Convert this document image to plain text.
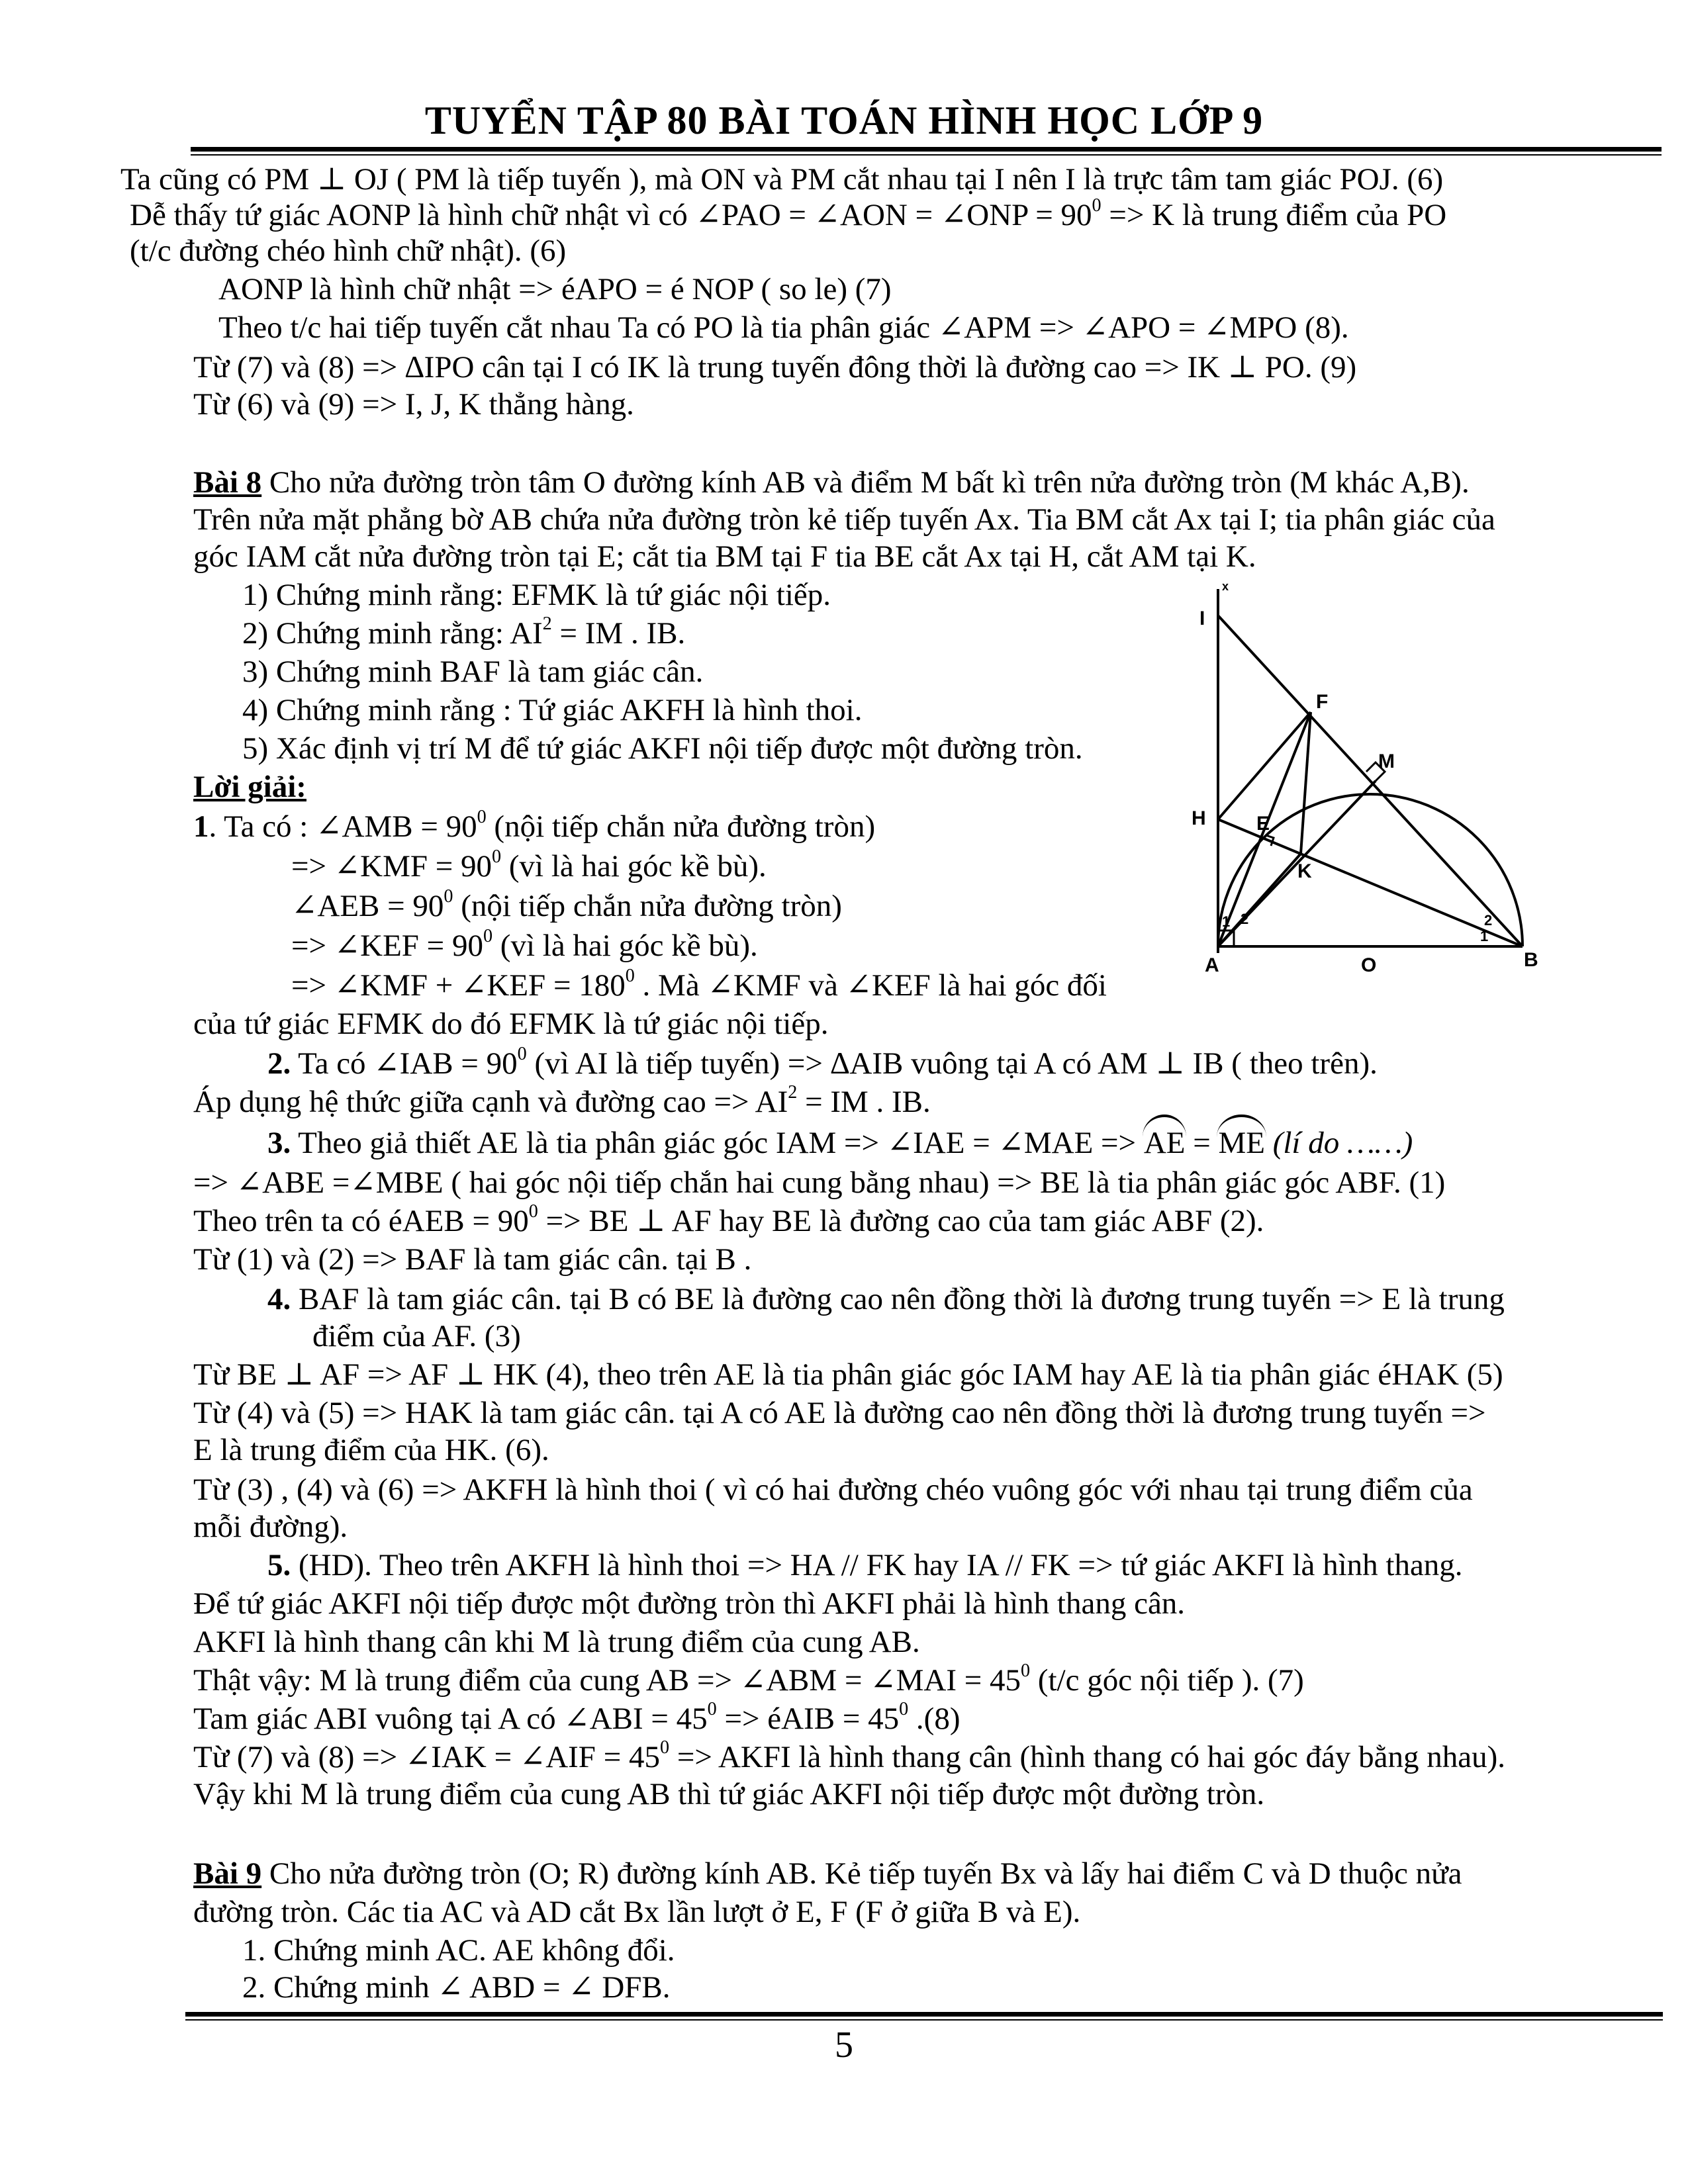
TUYỂN TẬP 80 BÀI TOÁN HÌNH HỌC LỚP 9
Ta cũng có PM ⊥ OJ ( PM là tiếp tuyến ), mà ON và PM cắt nhau tại I nên I là trực tâm tam giác POJ. (6)
Dễ thấy tứ giác AONP là hình chữ nhật vì có ∠PAO = ∠AON = ∠ONP = $90^0 => K$ là trung điểm của PO
(t/c đường chéo hình chữ nhật). (6)
AONP là hình chữ nhật => éAPO = é NOP ( so le) (7)
Theo t/c hai tiếp tuyến cắt nhau Ta có PO là tia phân giác ∠APM => ∠APO = ∠MPO (8).
Từ (7) và (8) => ∆IPO cân tại I có IK là trung tuyến đông thời là đường cao => IK ⊥ PO. (9)
Từ (6) và (9) => I, J, K thẳng hàng.
Bài 8 Cho nửa đường tròn tâm O đường kính AB và điểm M bất kì trên nửa đường tròn (M khác A,B).
Trên nửa mặt phẳng bờ AB chứa nửa đường tròn kẻ tiếp tuyến Ax. Tia BM cắt Ax tại I; tia phân giác của
góc IAM cắt nửa đường tròn tại E; cắt tia BM tại F tia BE cắt Ax tại H, cắt AM tại K.
1) Chứng minh rằng: EFMK là tứ giác nội tiếp.
2) Chứng minh rằng: $AI^2$ = IM . IB.
3) Chứng minh BAF là tam giác cân.
4) Chứng minh rằng : Tứ giác AKFH là hình thoi.
5) Xác định vị trí M để tứ giác AKFI nội tiếp được một đường tròn.
Lời giải:
1. Ta có : ∠AMB = $90^0$ (nội tiếp chắn nửa đường tròn)
=> ∠KMF = $90^0$ (vì là hai góc kề bù).
∠AEB = $90^0$ (nội tiếp chắn nửa đường tròn)
=> ∠KEF = $90^0$ (vì là hai góc kề bù).
=> ∠KMF + ∠KEF = $180^0$ . Mà ∠KMF và ∠KEF là hai góc đối
của tứ giác EFMK do đó EFMK là tứ giác nội tiếp.
2. Ta có ∠IAB = $90^0$ (vì AI là tiếp tuyến) => ∆AIB vuông tại A có AM ⊥ IB ( theo trên).
Áp dụng hệ thức giữa cạnh và đường cao => $AI^2$ = IM . IB.
3. Theo giả thiết AE là tia phân giác góc IAM => ∠IAE = ∠MAE => AE = ME (lí do ……)
=> ∠ABE =∠MBE ( hai góc nội tiếp chắn hai cung bằng nhau) => BE là tia phân giác góc ABF. (1)
Theo trên ta có éAEB = $90^0$ => BE ⊥ AF hay BE là đường cao của tam giác ABF (2).
Từ (1) và (2) => BAF là tam giác cân. tại B .
4. BAF là tam giác cân. tại B có BE là đường cao nên đồng thời là đương trung tuyến => E là trung
điểm của AF. (3)
Từ BE ⊥ AF => AF ⊥ HK (4), theo trên AE là tia phân giác góc IAM hay AE là tia phân giác éHAK (5)
Từ (4) và (5) => HAK là tam giác cân. tại A có AE là đường cao nên đồng thời là đương trung tuyến =>
E là trung điểm của HK. (6).
Từ (3) , (4) và (6) => AKFH là hình thoi ( vì có hai đường chéo vuông góc với nhau tại trung điểm của
mỗi đường).
5. (HD). Theo trên AKFH là hình thoi => HA // FK hay IA // FK => tứ giác AKFI là hình thang.
Để tứ giác AKFI nội tiếp được một đường tròn thì AKFI phải là hình thang cân.
AKFI là hình thang cân khi M là trung điểm của cung AB.
Thật vậy: M là trung điểm của cung AB => ∠ABM = ∠MAI = $45^0$ (t/c góc nội tiếp ). (7)
Tam giác ABI vuông tại A có ∠ABI = $45^0$ => éAIB = $45^0$ .(8)
Từ (7) và (8) => ∠IAK = ∠AIF = $45^0$ => AKFI là hình thang cân (hình thang có hai góc đáy bằng nhau).
Vậy khi M là trung điểm của cung AB thì tứ giác AKFI nội tiếp được một đường tròn.
Bài 9 Cho nửa đường tròn (O; R) đường kính AB. Kẻ tiếp tuyến Bx và lấy hai điểm C và D thuộc nửa
đường tròn. Các tia AC và AD cắt Bx lần lượt ở E, F (F ở giữa B và E).
1. Chứng minh AC. AE không đổi.
2. Chứng minh ∠ ABD = ∠ DFB.
5
x
I
F
M
H	E
K
A	O	B
1 2	2
1
